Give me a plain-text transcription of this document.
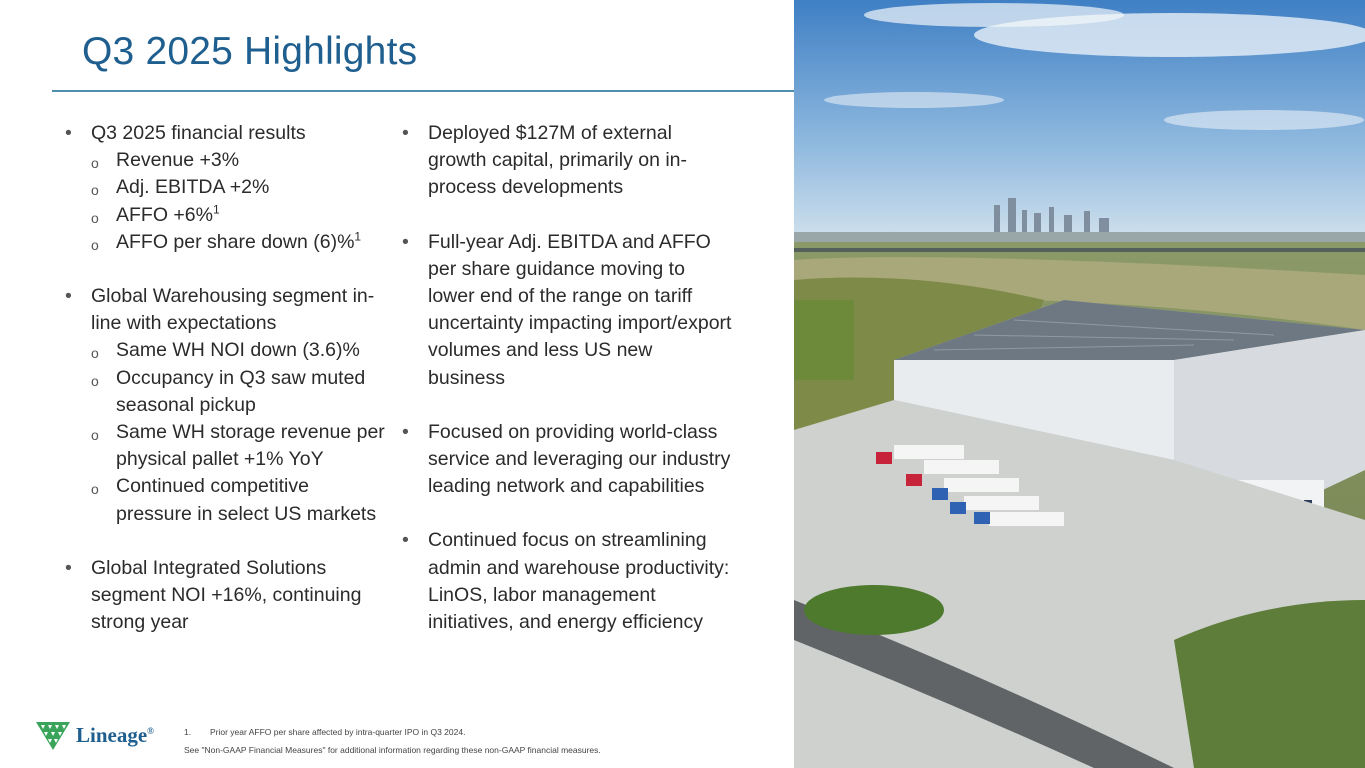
Q3 2025 Highlights
• Q3 2025 financial results
o Revenue +3%
o Adj. EBITDA +2%
o AFFO +6%$^1$
o AFFO per share down (6)%$^1$
• Global Warehousing segment in-line with expectations
o Same WH NOI down (3.6)%
o Occupancy in Q3 saw muted seasonal pickup
o Same WH storage revenue per physical pallet +1% YoY
o Continued competitive pressure in select US markets
• Global Integrated Solutions segment NOI +16%, continuing strong year
• Deployed $127M of external growth capital, primarily on in-process developments
• Full-year Adj. EBITDA and AFFO per share guidance moving to lower end of the range on tariff uncertainty impacting import/export volumes and less US new business
• Focused on providing world-class service and leveraging our industry leading network and capabilities
• Continued focus on streamlining admin and warehouse productivity: LinOS, labor management initiatives, and energy efficiency
Lineage®	1. Prior year AFFO per share affected by intra-quarter IPO in Q3 2024.
See "Non-GAAP Financial Measures" for additional information regarding these non-GAAP financial measures.
